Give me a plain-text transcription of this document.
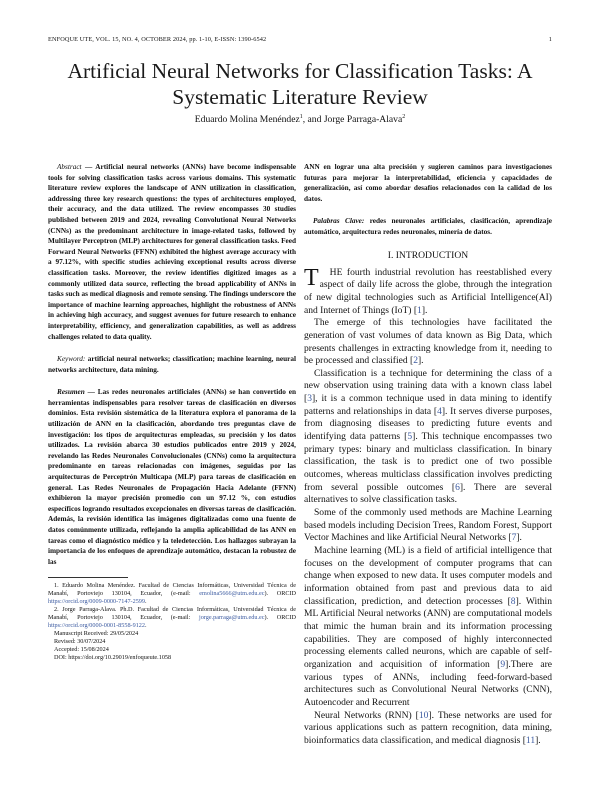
ENFOQUE UTE, VOL. 15, NO. 4, OCTOBER 2024, pp. 1-10, E-ISSN: 1390-6542	1
Artificial Neural Networks for Classification Tasks: A Systematic Literature Review
Eduardo Molina Menéndez$^1$, and Jorge Parraga-Alava$^2$

Abstract — Artificial neural networks (ANNs) have become indispensable tools for solving classification tasks across various domains. This systematic literature review explores the landscape of ANN utilization in classification, addressing three key research questions: the types of architectures employed, their accuracy, and the data utilized. The review encompasses 30 studies published between 2019 and 2024, revealing Convolutional Neural Networks (CNNs) as the predominant architecture in image-related tasks, followed by Multilayer Perceptron (MLP) architectures for general classification tasks. Feed Forward Neural Networks (FFNN) exhibited the highest average accuracy with a 97.12%, with specific studies achieving exceptional results across diverse classification tasks. Moreover, the review identifies digitized images as a commonly utilized data source, reflecting the broad applicability of ANNs in tasks such as medical diagnosis and remote sensing. The findings underscore the importance of machine learning approaches, highlight the robustness of ANNs in achieving high accuracy, and suggest avenues for future research to enhance interpretability, efficiency, and generalization capabilities, as well as address challenges related to data quality.

Keyword: artificial neural networks; classification; machine learning, neural networks architecture, data mining.

Resumen — Las redes neuronales artificiales (ANNs) se han convertido en herramientas indispensables para resolver tareas de clasificación en diversos dominios. Esta revisión sistemática de la literatura explora el panorama de la utilización de ANN en la clasificación, abordando tres preguntas clave de investigación: los tipos de arquitecturas empleadas, su precisión y los datos utilizados. La revisión abarca 30 estudios publicados entre 2019 y 2024, revelando las Redes Neuronales Convolucionales (CNNs) como la arquitectura predominante en tareas relacionadas con imágenes, seguidas por las arquitecturas de Perceptrón Multicapa (MLP) para tareas de clasificación en general. Las Redes Neuronales de Propagación Hacia Adelante (FFNN) exhibieron la mayor precisión promedio con un 97.12 %, con estudios específicos logrando resultados excepcionales en diversas tareas de clasificación. Además, la revisión identifica las imágenes digitalizadas como una fuente de datos comúnmente utilizada, reflejando la amplia aplicabilidad de las ANN en tareas como el diagnóstico médico y la teledetección. Los hallazgos subrayan la importancia de los enfoques de aprendizaje automático, destacan la robustez de las

1. Eduardo Molina Menéndez. Facultad de Ciencias Informáticas, Universidad Técnica de Manabí, Portoviejo 130104, Ecuador, (e-mail: emolina5666@utm.edu.ec). ORCID https://orcid.org/0009-0000-7147-2599.

2. Jorge Parraga-Alava. Ph.D. Facultad de Ciencias Informáticas, Universidad Técnica de Manabí, Portoviejo 130104, Ecuador, (e-mail: jorge.parraga@utm.edu.ec). ORCID https://orcid.org/0000-0001-8558-9122.

Manuscript Received: 29/05/2024

Revised: 30/07/2024

Accepted: 15/08/2024

DOI: https://doi.org/10.29019/enfoqueute.1058

ANN en lograr una alta precisión y sugieren caminos para investigaciones futuras para mejorar la interpretabilidad, eficiencia y capacidades de generalización, así como abordar desafíos relacionados con la calidad de los datos.

Palabras Clave: redes neuronales artificiales, clasificación, aprendizaje automático, arquitectura redes neuronales, minería de datos.

I. INTRODUCTION

T HE fourth industrial revolution has reestablished every aspect of daily life across the globe, through the integration of new digital technologies such as Artificial Intelligence(AI) and Internet of Things (IoT) [1].

The emerge of this technologies have facilitated the generation of vast volumes of data known as Big Data, which presents challenges in extracting knowledge from it, needing to be processed and classified [2].

Classification is a technique for determining the class of a new observation using training data with a known class label [3], it is a common technique used in data mining to identify patterns and relationships in data [4]. It serves diverse purposes, from diagnosing diseases to predicting future events and identifying data patterns [5]. This technique encompasses two primary types: binary and multiclass classification. In binary classification, the task is to predict one of two possible outcomes, whereas multiclass classification involves predicting from several possible outcomes [6]. There are several alternatives to solve classification tasks.

Some of the commonly used methods are Machine Learning based models including Decision Trees, Random Forest, Support Vector Machines and like Artificial Neural Networks [7].

Machine learning (ML) is a field of artificial intelligence that focuses on the development of computer programs that can change when exposed to new data. It uses computer models and information obtained from past and previous data to aid classification, prediction, and detection processes [8]. Within ML Artificial Neural networks (ANN) are computational models that mimic the human brain and its information processing capabilities. They are composed of highly interconnected processing elements called neurons, which are capable of self-organization and acquisition of information [9].There are various types of ANNs, including feed-forward-based architectures such as Convolutional Neural Networks (CNN), Autoencoder and Recurrent

Neural Networks (RNN) [10]. These networks are used for various applications such as pattern recognition, data mining, bioinformatics data classification, and medical diagnosis [11].
